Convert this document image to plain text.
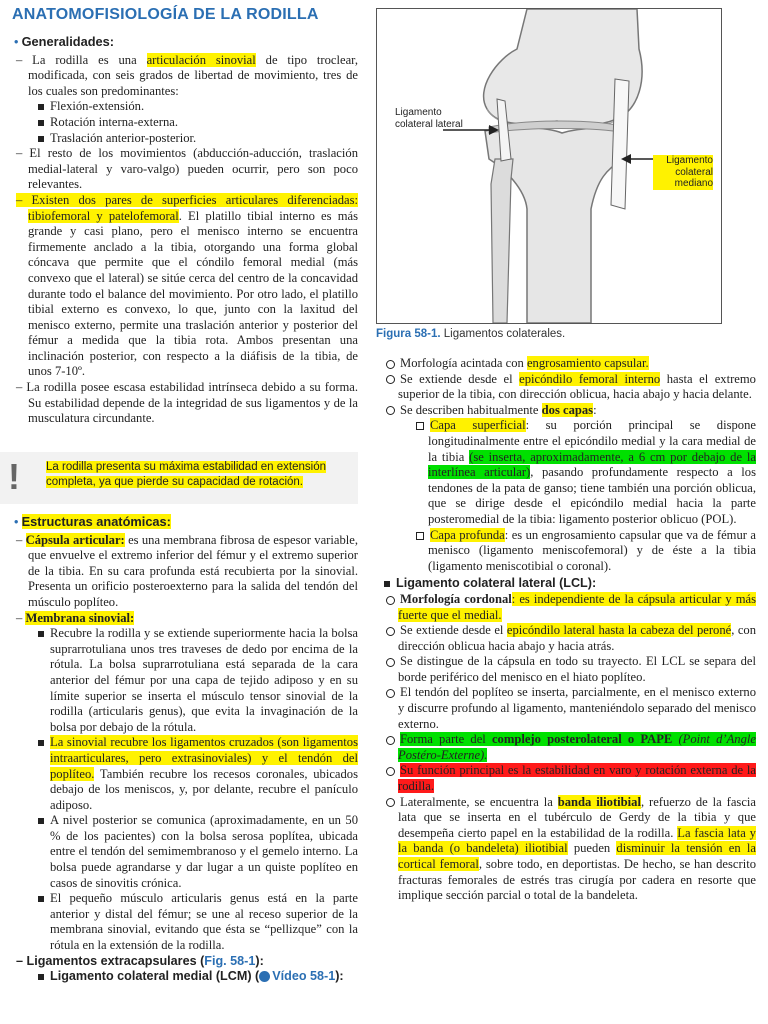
ANATOMOFISIOLOGÍA DE LA RODILLA
Ligamento colateral lateral
Ligamento colateral mediano
Figura 58-1. Ligamentos colaterales.

• Generalidades:

– La rodilla es una articulación sinovial de tipo troclear, modificada, con seis grados de libertad de movimiento, tres de los cuales son predominantes:

Flexión-extensión.

Rotación interna-externa.

Traslación anterior-posterior.

– El resto de los movimientos (abducción-aducción, traslación medial-lateral y varo-valgo) pueden ocurrir, pero son poco relevantes.

– Existen dos pares de superficies articulares diferenciadas: tibiofemoral y patelofemoral. El platillo tibial interno es más grande y casi plano, pero el menisco interno se encuentra firmemente anclado a la tibia, otorgando una forma global cóncava que permite que el cóndilo femoral medial (más convexo que el lateral) se sitúe cerca del centro de la concavidad durante todo el balance del movimiento. Por otro lado, el platillo tibial externo es convexo, lo que, junto con la laxitud del menisco externo, permite una traslación anterior y posterior del fémur a medida que la tibia rota. Ambos presentan una inclinación posterior, con respecto a la diáfisis de la tibia, de unos 7-10º.

– La rodilla posee escasa estabilidad intrínseca debido a su forma. Su estabilidad depende de la integridad de sus ligamentos y de la musculatura circundante.

! La rodilla presenta su máxima estabilidad en extensión completa, ya que pierde su capacidad de rotación.

• Estructuras anatómicas:

– Cápsula articular: es una membrana fibrosa de espesor variable, que envuelve el extremo inferior del fémur y el extremo superior de la tibia. En su cara profunda está recubierta por la sinovial. Presenta un orificio posteroexterno para la salida del tendón del músculo poplíteo.

– Membrana sinovial:

Recubre la rodilla y se extiende superiormente hacia la bolsa suprarrotuliana unos tres traveses de dedo por encima de la rótula. La bolsa suprarrotuliana está separada de la cara anterior del fémur por una capa de tejido adiposo y en su límite superior se inserta el músculo tensor sinovial de la rodilla (articularis genus), que evita la invaginación de la bolsa por debajo de la rótula.

La sinovial recubre los ligamentos cruzados (son ligamentos intraarticulares, pero extrasinoviales) y el tendón del poplíteo. También recubre los recesos coronales, ubicados debajo de los meniscos, y, por delante, recubre el panículo adiposo.

A nivel posterior se comunica (aproximadamente, en un 50 % de los pacientes) con la bolsa serosa poplítea, ubicada entre el tendón del semimembranoso y el gemelo interno. La bolsa puede agrandarse y dar lugar a un quiste poplíteo en casos de sinovitis crónica.

El pequeño músculo articularis genus está en la parte anterior y distal del fémur; se une al receso superior de la membrana sinovial, evitando que ésta se “pellizque” con la rótula en la extensión de la rodilla.

– Ligamentos extracapsulares (Fig. 58-1):

Ligamento colateral medial (LCM) ( Vídeo 58-1):

Morfología acintada con engrosamiento capsular.

Se extiende desde el epicóndilo femoral interno hasta el extremo superior de la tibia, con dirección oblicua, hacia abajo y hacia delante.

Se describen habitualmente dos capas:

Capa superficial: su porción principal se dispone longitudinalmente entre el epicóndilo medial y la cara medial de la tibia (se inserta, aproximadamente, a 6 cm por debajo de la interlínea articular), pasando profundamente respecto a los tendones de la pata de ganso; tiene también una porción oblicua, que se dirige desde el epicóndilo medial hacia la parte posteromedial de la tibia: ligamento posterior oblicuo (POL).

Capa profunda: es un engrosamiento capsular que va de fémur a menisco (ligamento meniscofemoral) y de éste a la tibia (ligamento meniscotibial o coronal).

Ligamento colateral lateral (LCL):

Morfología cordonal: es independiente de la cápsula articular y más fuerte que el medial.

Se extiende desde el epicóndilo lateral hasta la cabeza del peroné, con dirección oblicua hacia abajo y hacia atrás.

Se distingue de la cápsula en todo su trayecto. El LCL se separa del borde periférico del menisco en el hiato poplíteo.

El tendón del poplíteo se inserta, parcialmente, en el menisco externo y discurre profundo al ligamento, manteniéndolo separado del menisco externo.

Forma parte del complejo posterolateral o PAPE (Point d’Angle Postéro-Externe).

Su función principal es la estabilidad en varo y rotación externa de la rodilla.

Lateralmente, se encuentra la banda iliotibial, refuerzo de la fascia lata que se inserta en el tubérculo de Gerdy de la tibia y que desempeña cierto papel en la estabilidad de la rodilla. La fascia lata y la banda (o bandeleta) iliotibial pueden disminuir la tensión en la cortical femoral, sobre todo, en deportistas. De hecho, se han descrito fracturas femorales de estrés tras cirugía por cadera en resorte que implique sección parcial o total de la bandeleta.
